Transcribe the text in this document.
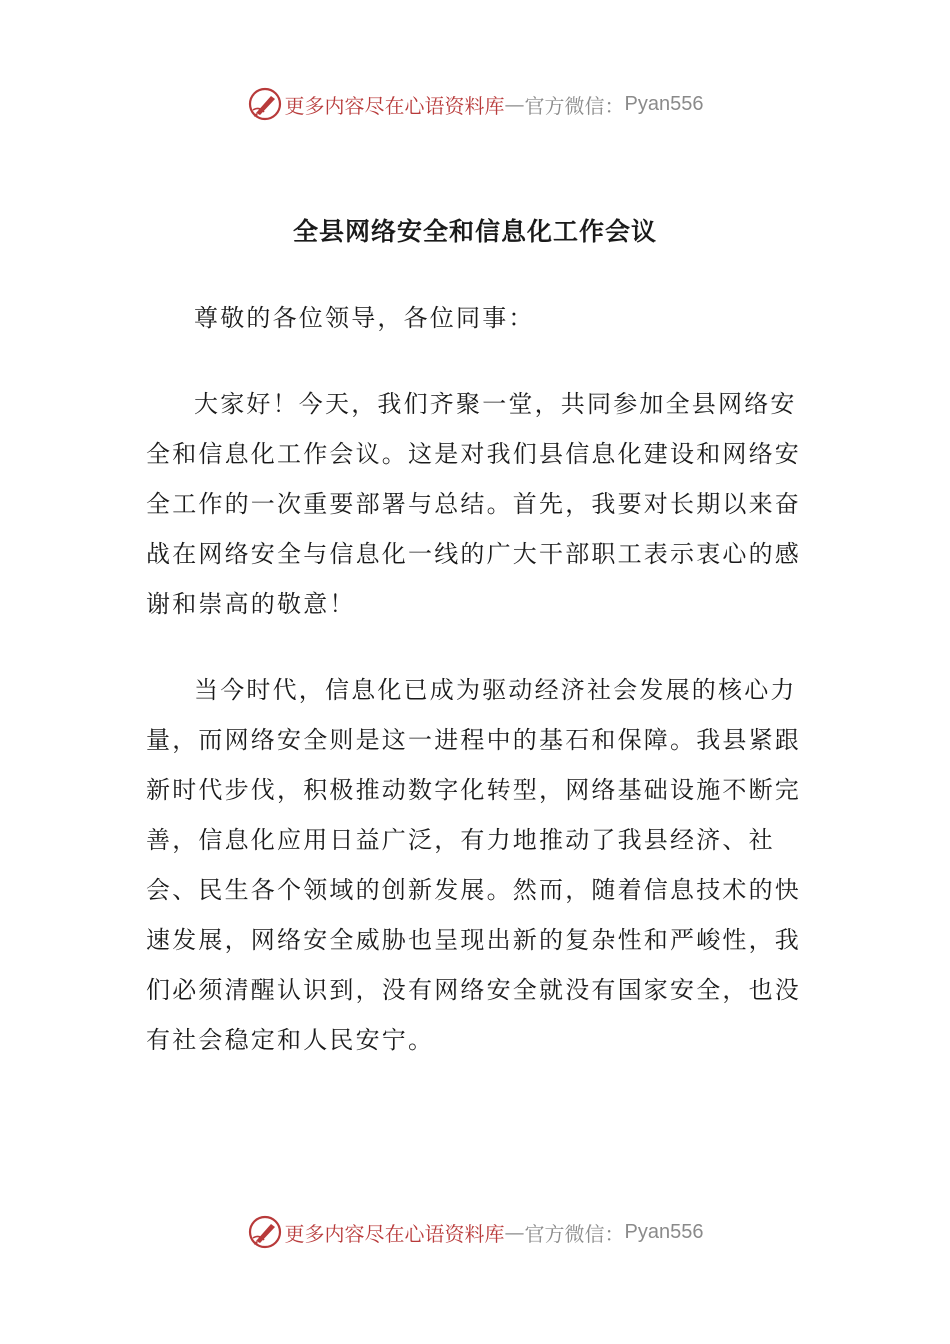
更多内容尽在心语资料库 — 官方微信： Pyan556
全县网络安全和信息化工作会议

尊敬的各位领导，各位同事：

大家好！今天，我们齐聚一堂，共同参加全县网络安全和信息化工作会议。这是对我们县信息化建设和网络安全工作的一次重要部署与总结。首先，我要对长期以来奋战在网络安全与信息化一线的广大干部职工表示衷心的感谢和崇高的敬意！

当今时代，信息化已成为驱动经济社会发展的核心力量，而网络安全则是这一进程中的基石和保障。我县紧跟新时代步伐，积极推动数字化转型，网络基础设施不断完善，信息化应用日益广泛，有力地推动了我县经济、社会、民生各个领域的创新发展。然而，随着信息技术的快速发展，网络安全威胁也呈现出新的复杂性和严峻性，我们必须清醒认识到，没有网络安全就没有国家安全，也没有社会稳定和人民安宁。

更多内容尽在心语资料库 — 官方微信： Pyan556
